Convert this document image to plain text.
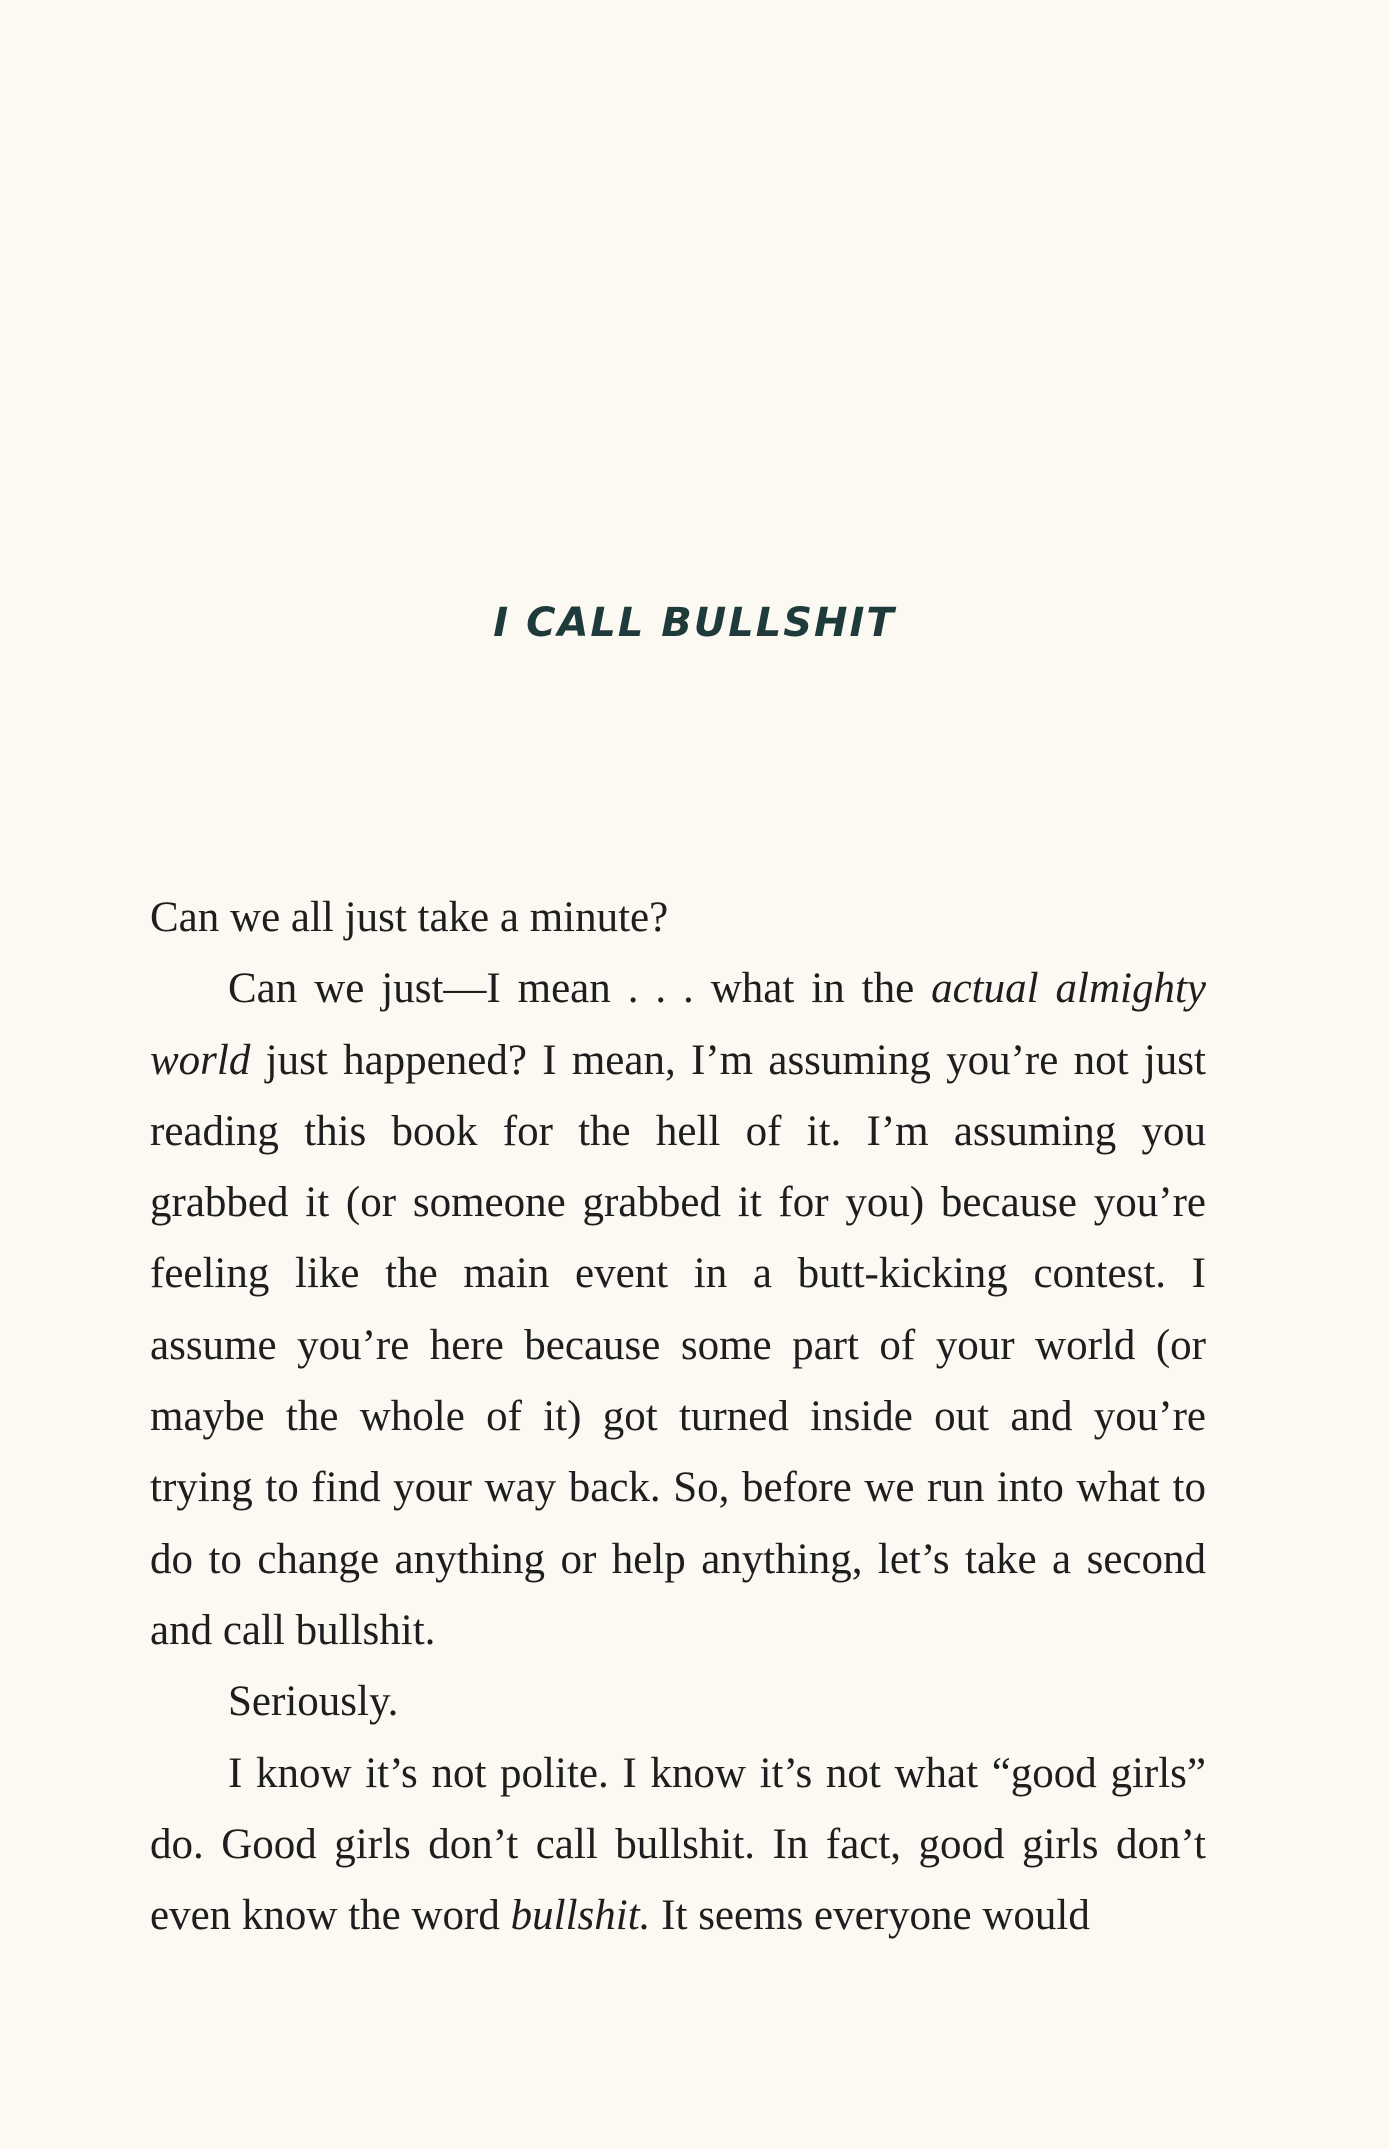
I CALL BULLSHIT

Can we all just take a minute?

Can we just—I mean . . . what in the actual almighty world just happened? I mean, I’m assuming you’re not just reading this book for the hell of it. I’m assuming you grabbed it (or someone grabbed it for you) because you’re feeling like the main event in a butt-kicking contest. I assume you’re here because some part of your world (or maybe the whole of it) got turned inside out and you’re trying to find your way back. So, before we run into what to do to change anything or help anything, let’s take a second and call bullshit.

Seriously.

I know it’s not polite. I know it’s not what “good girls” do. Good girls don’t call bullshit. In fact, good girls don’t even know the word bullshit. It seems everyone would
